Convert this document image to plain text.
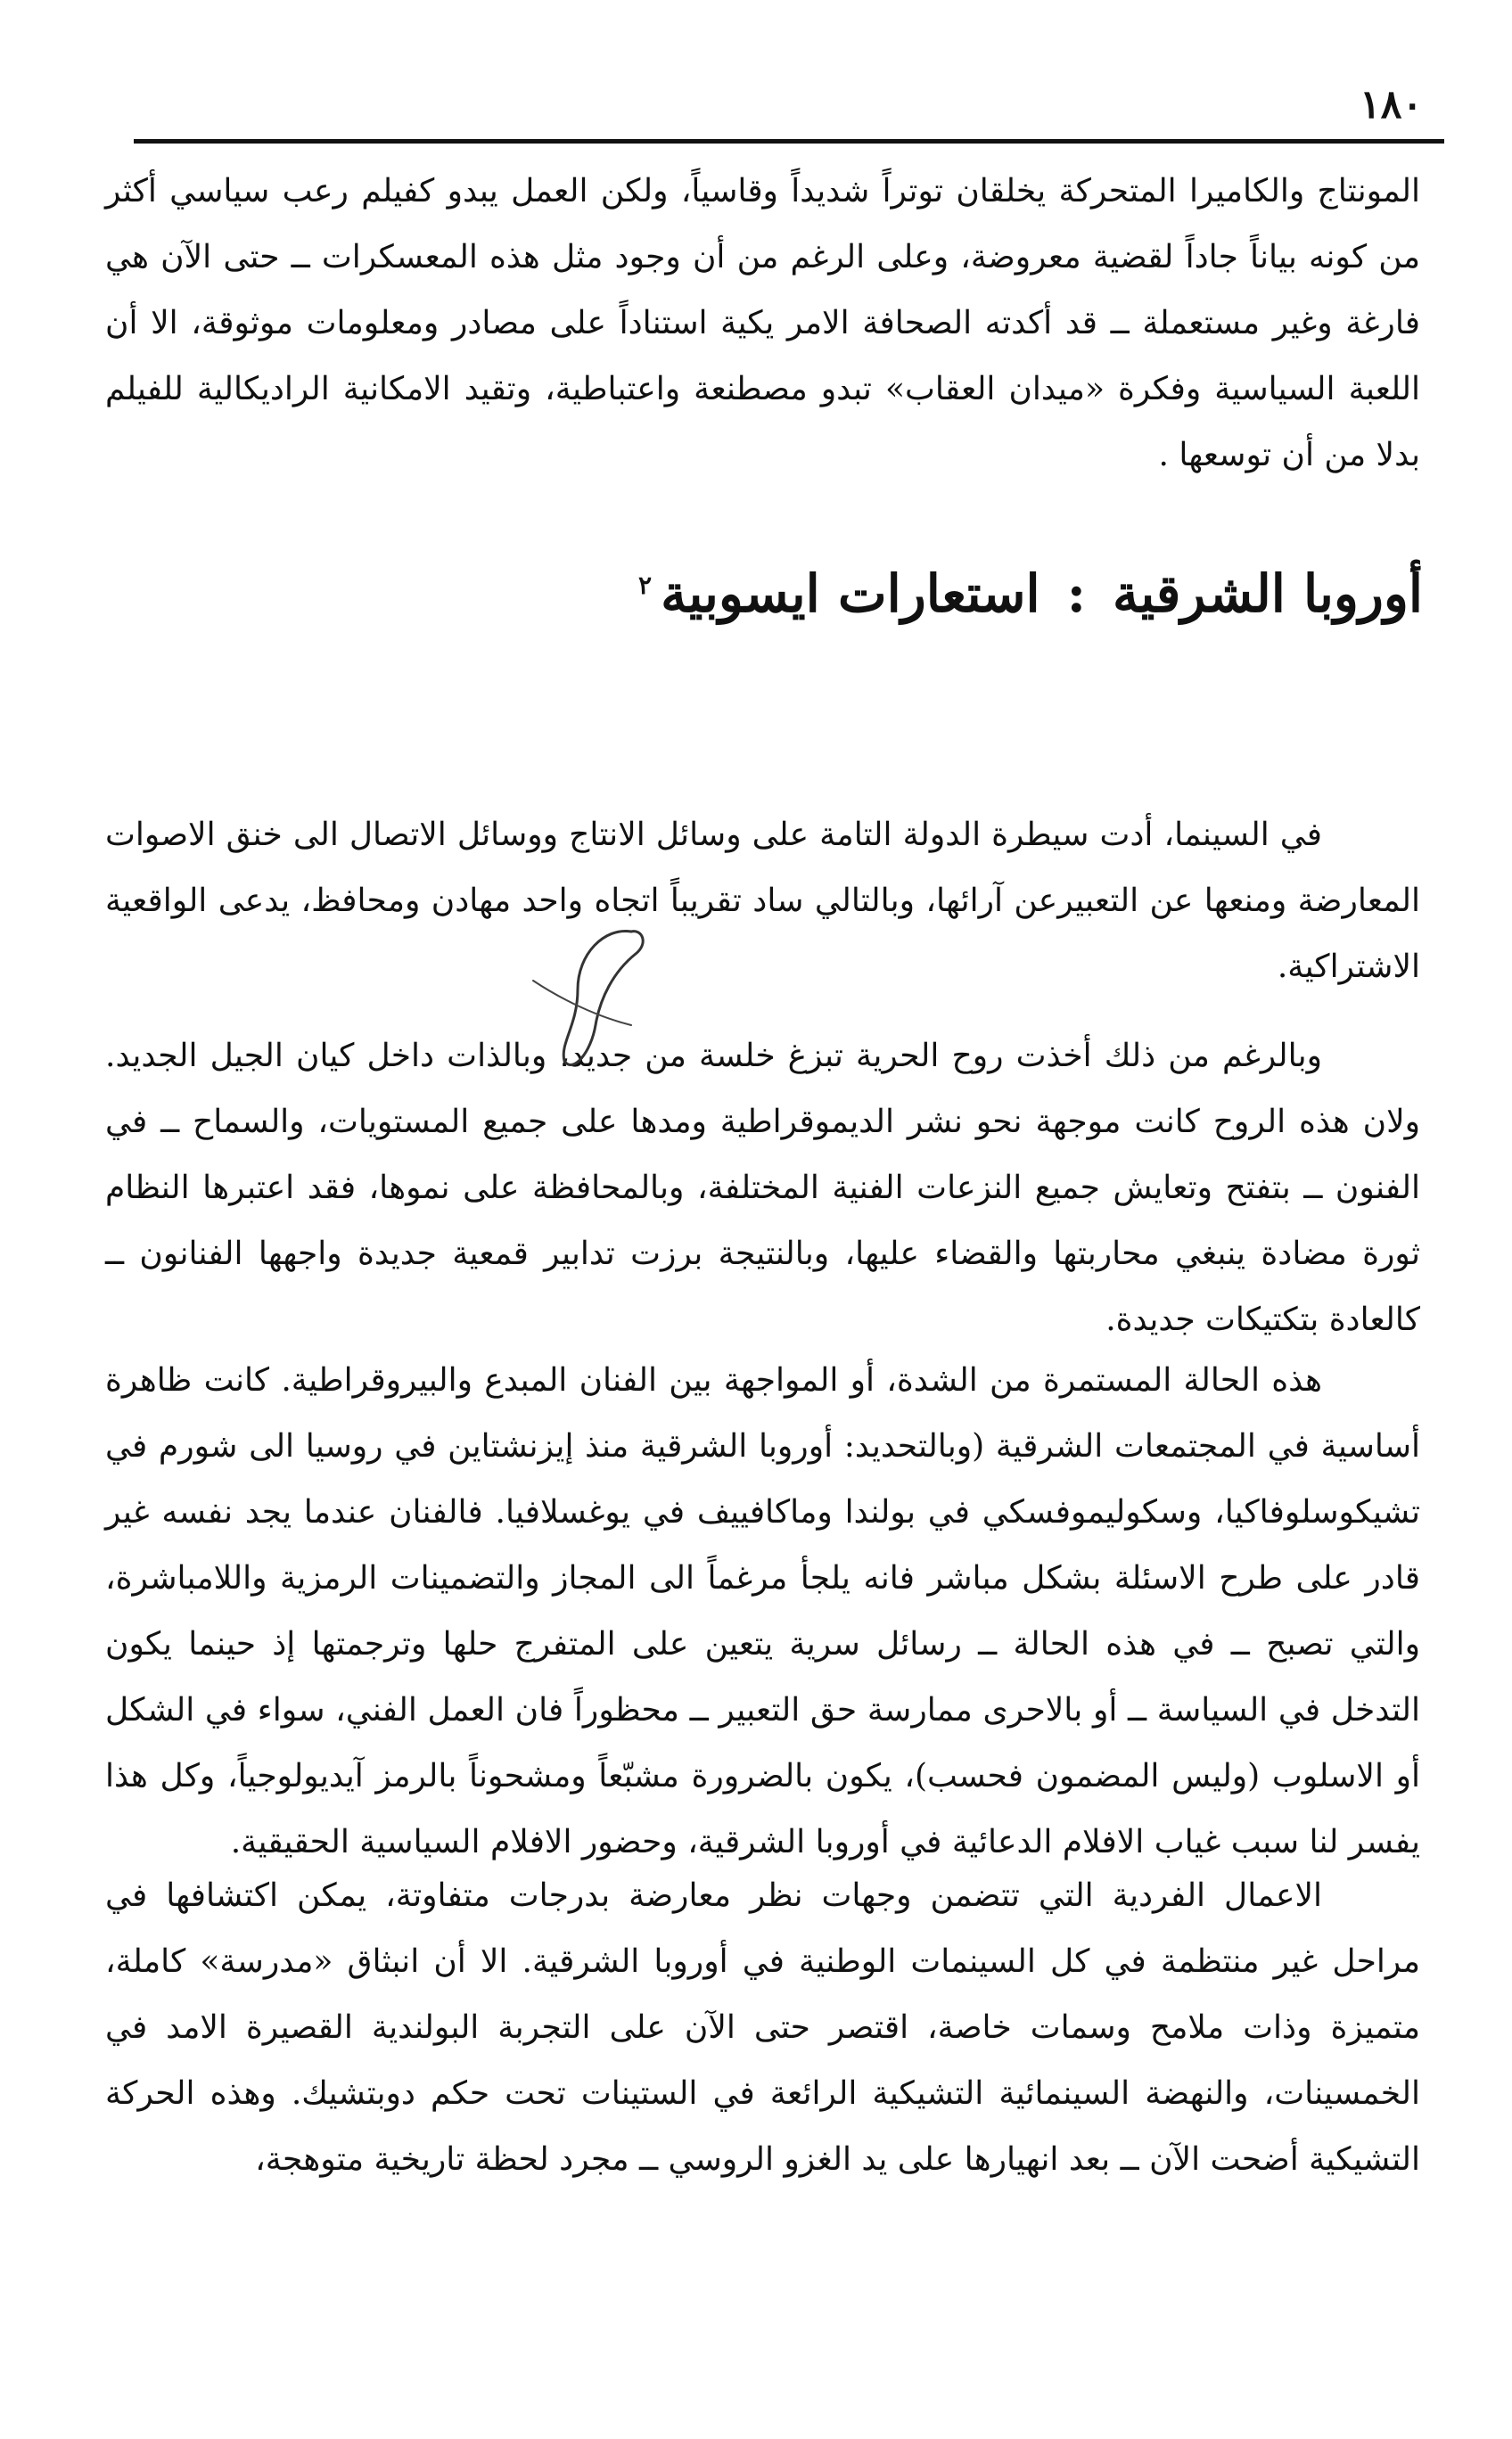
١٨٠

المونتاج والكاميرا المتحركة يخلقان توتراً شديداً وقاسياً، ولكن العمل يبدو كفيلم رعب سياسي أكثر من كونه بياناً جاداً لقضية معروضة، وعلى الرغم من أن وجود مثل هذه المعسكرات ــ حتى الآن هي فارغة وغير مستعملة ــ قد أكدته الصحافة الامر يكية استناداً على مصادر ومعلومات موثوقة، الا أن اللعبة السياسية وفكرة «ميدان العقاب» تبدو مصطنعة واعتباطية، وتقيد الامكانية الراديكالية للفيلم بدلا من أن توسعها .

أوروبا الشرقية:استعارات ايسوبية$^٢$

في السينما، أدت سيطرة الدولة التامة على وسائل الانتاج ووسائل الاتصال الى خنق الاصوات المعارضة ومنعها عن التعبيرعن آرائها، وبالتالي ساد تقريباً اتجاه واحد مهادن ومحافظ، يدعى الواقعية الاشتراكية.

وبالرغم من ذلك أخذت روح الحرية تبزغ خلسة من جديد، وبالذات داخل كيان الجيل الجديد. ولان هذه الروح كانت موجهة نحو نشر الديموقراطية ومدها على جميع المستويات، والسماح ــ في الفنون ــ بتفتح وتعايش جميع النزعات الفنية المختلفة، وبالمحافظة على نموها، فقد اعتبرها النظام ثورة مضادة ينبغي محاربتها والقضاء عليها، وبالنتيجة برزت تدابير قمعية جديدة واجهها الفنانون ــ كالعادة بتكتيكات جديدة.

هذه الحالة المستمرة من الشدة، أو المواجهة بين الفنان المبدع والبيروقراطية. كانت ظاهرة أساسية في المجتمعات الشرقية (وبالتحديد: أوروبا الشرقية منذ إيزنشتاين في روسيا الى شورم في تشيكوسلوفاكيا، وسكوليموفسكي في بولندا وماكافييف في يوغسلافيا. فالفنان عندما يجد نفسه غير قادر على طرح الاسئلة بشكل مباشر فانه يلجأ مرغماً الى المجاز والتضمينات الرمزية واللامباشرة، والتي تصبح ــ في هذه الحالة ــ رسائل سرية يتعين على المتفرج حلها وترجمتها إذ حينما يكون التدخل في السياسة ــ أو بالاحرى ممارسة حق التعبير ــ محظوراً فان العمل الفني، سواء في الشكل أو الاسلوب (وليس المضمون فحسب)، يكون بالضرورة مشبّعاً ومشحوناً بالرمز آيديولوجياً، وكل هذا يفسر لنا سبب غياب الافلام الدعائية في أوروبا الشرقية، وحضور الافلام السياسية الحقيقية.

الاعمال الفردية التي تتضمن وجهات نظر معارضة بدرجات متفاوتة، يمكن اكتشافها في مراحل غير منتظمة في كل السينمات الوطنية في أوروبا الشرقية. الا أن انبثاق «مدرسة» كاملة، متميزة وذات ملامح وسمات خاصة، اقتصر حتى الآن على التجربة البولندية القصيرة الامد في الخمسينات، والنهضة السينمائية التشيكية الرائعة في الستينات تحت حكم دوبتشيك. وهذه الحركة التشيكية أضحت الآن ــ بعد انهيارها على يد الغزو الروسي ــ مجرد لحظة تاريخية متوهجة،
